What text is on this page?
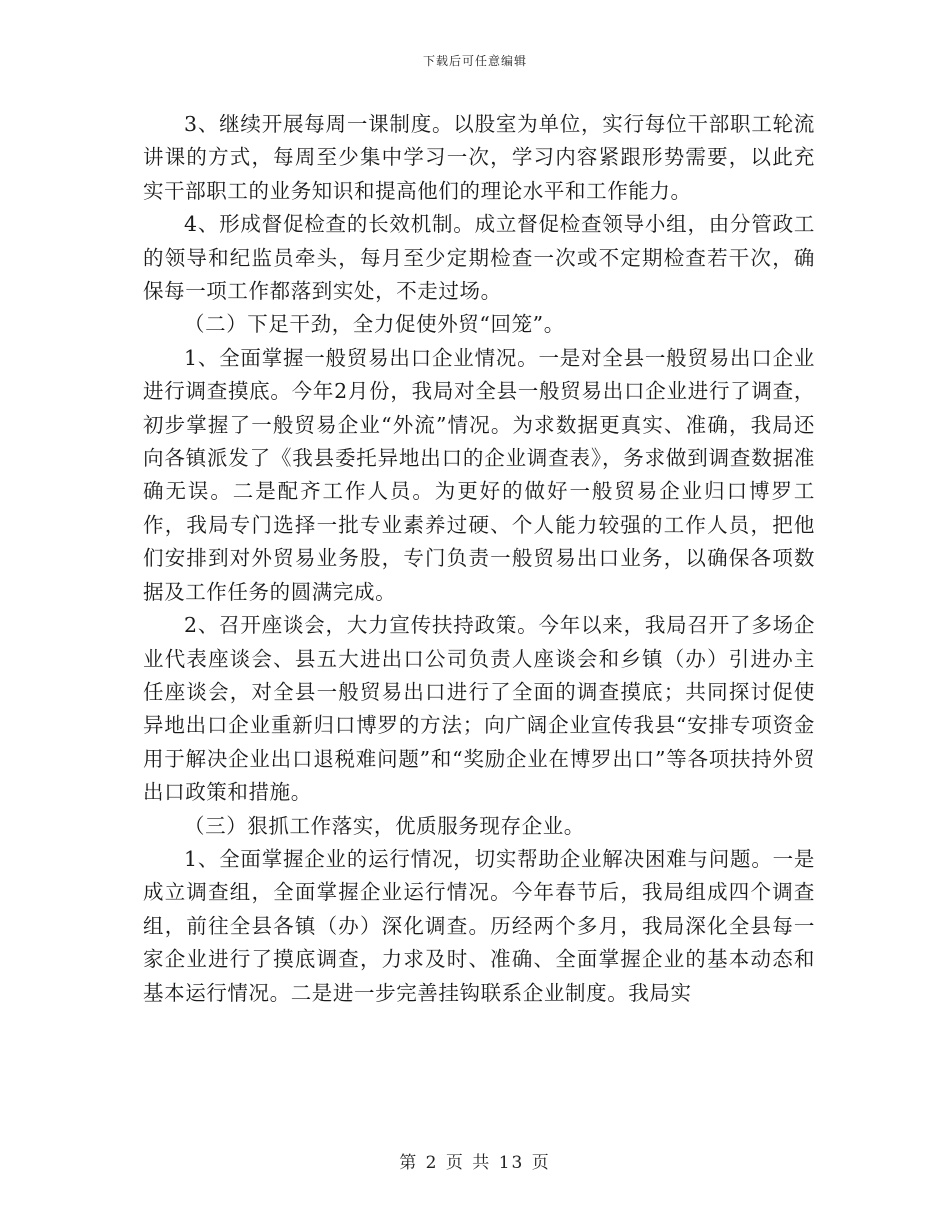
下载后可任意编辑

3、继续开展每周一课制度。以股室为单位，实行每位干部职工轮流讲课的方式，每周至少集中学习一次，学习内容紧跟形势需要，以此充实干部职工的业务知识和提高他们的理论水平和工作能力。

4、形成督促检查的长效机制。成立督促检查领导小组，由分管政工的领导和纪监员牵头，每月至少定期检查一次或不定期检查若干次，确保每一项工作都落到实处，不走过场。

（二）下足干劲，全力促使外贸“回笼”。

1、全面掌握一般贸易出口企业情况。一是对全县一般贸易出口企业进行调查摸底。今年2月份，我局对全县一般贸易出口企业进行了调查，初步掌握了一般贸易企业“外流”情况。为求数据更真实、准确，我局还向各镇派发了《我县委托异地出口的企业调查表》，务求做到调查数据准确无误。二是配齐工作人员。为更好的做好一般贸易企业归口博罗工作，我局专门选择一批专业素养过硬、个人能力较强的工作人员，把他们安排到对外贸易业务股，专门负责一般贸易出口业务，以确保各项数据及工作任务的圆满完成。

2、召开座谈会，大力宣传扶持政策。今年以来，我局召开了多场企业代表座谈会、县五大进出口公司负责人座谈会和乡镇（办）引进办主任座谈会，对全县一般贸易出口进行了全面的调查摸底；共同探讨促使异地出口企业重新归口博罗的方法；向广阔企业宣传我县“安排专项资金用于解决企业出口退税难问题”和“奖励企业在博罗出口”等各项扶持外贸出口政策和措施。

（三）狠抓工作落实，优质服务现存企业。

1、全面掌握企业的运行情况，切实帮助企业解决困难与问题。一是成立调查组，全面掌握企业运行情况。今年春节后，我局组成四个调查组，前往全县各镇（办）深化调查。历经两个多月，我局深化全县每一家企业进行了摸底调查，力求及时、准确、全面掌握企业的基本动态和基本运行情况。二是进一步完善挂钩联系企业制度。我局实

第 2 页 共 13 页
